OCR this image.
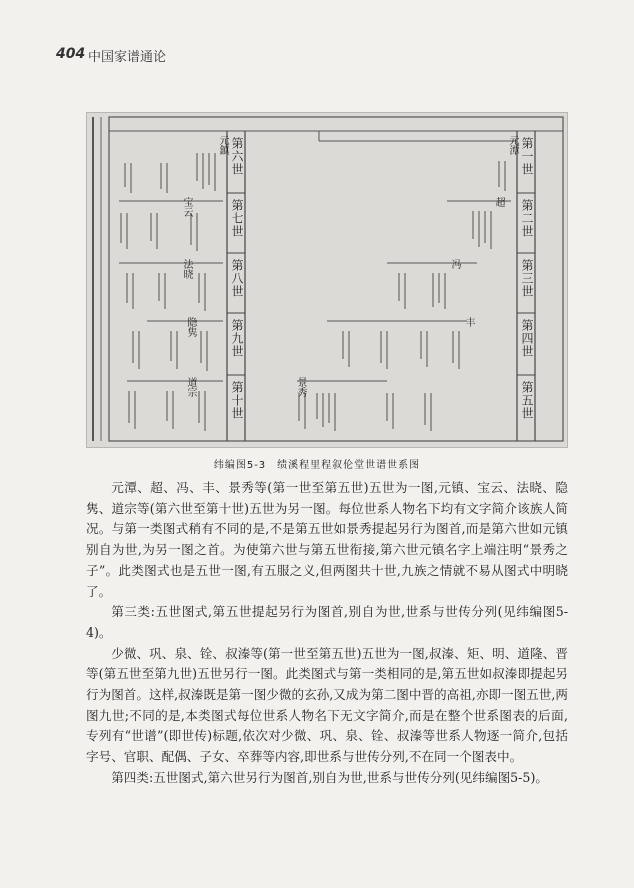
404 中国家谱通论
第一世
第二世
第三世
第四世
第五世
第六世
第七世
第八世
第九世
第十世
元潭
超
冯
丰
景秀
元鎮
宝云
法晓
隐隽
道宗
纬编图5-3　绩溪程里程叙伦堂世谱世系图

元潭、超、冯、丰、景秀等(第一世至第五世)五世为一图,元镇、宝云、法晓、隐隽、道宗等(第六世至第十世)五世为另一图。每位世系人物名下均有文字简介该族人简况。与第一类图式稍有不同的是,不是第五世如景秀提起另行为图首,而是第六世如元镇别自为世,为另一图之首。为使第六世与第五世衔接,第六世元镇名字上端注明“景秀之子”。此类图式也是五世一图,有五服之义,但两图共十世,九族之情就不易从图式中明晓了。

第三类:五世图式,第五世提起另行为图首,别自为世,世系与世传分列(见纬编图5-4)。

少微、巩、泉、铨、叔溱等(第一世至第五世)五世为一图,叔溱、矩、明、道隆、晋等(第五世至第九世)五世另行一图。此类图式与第一类相同的是,第五世如叔溱即提起另行为图首。这样,叔溱既是第一图少微的玄孙,又成为第二图中晋的高祖,亦即一图五世,两图九世;不同的是,本类图式每位世系人物名下无文字简介,而是在整个世系图表的后面,专列有“世谱”(即世传)标题,依次对少微、巩、泉、铨、叔溱等世系人物逐一简介,包括字号、官职、配偶、子女、卒葬等内容,即世系与世传分列,不在同一个图表中。

第四类:五世图式,第六世另行为图首,别自为世,世系与世传分列(见纬编图5-5)。
